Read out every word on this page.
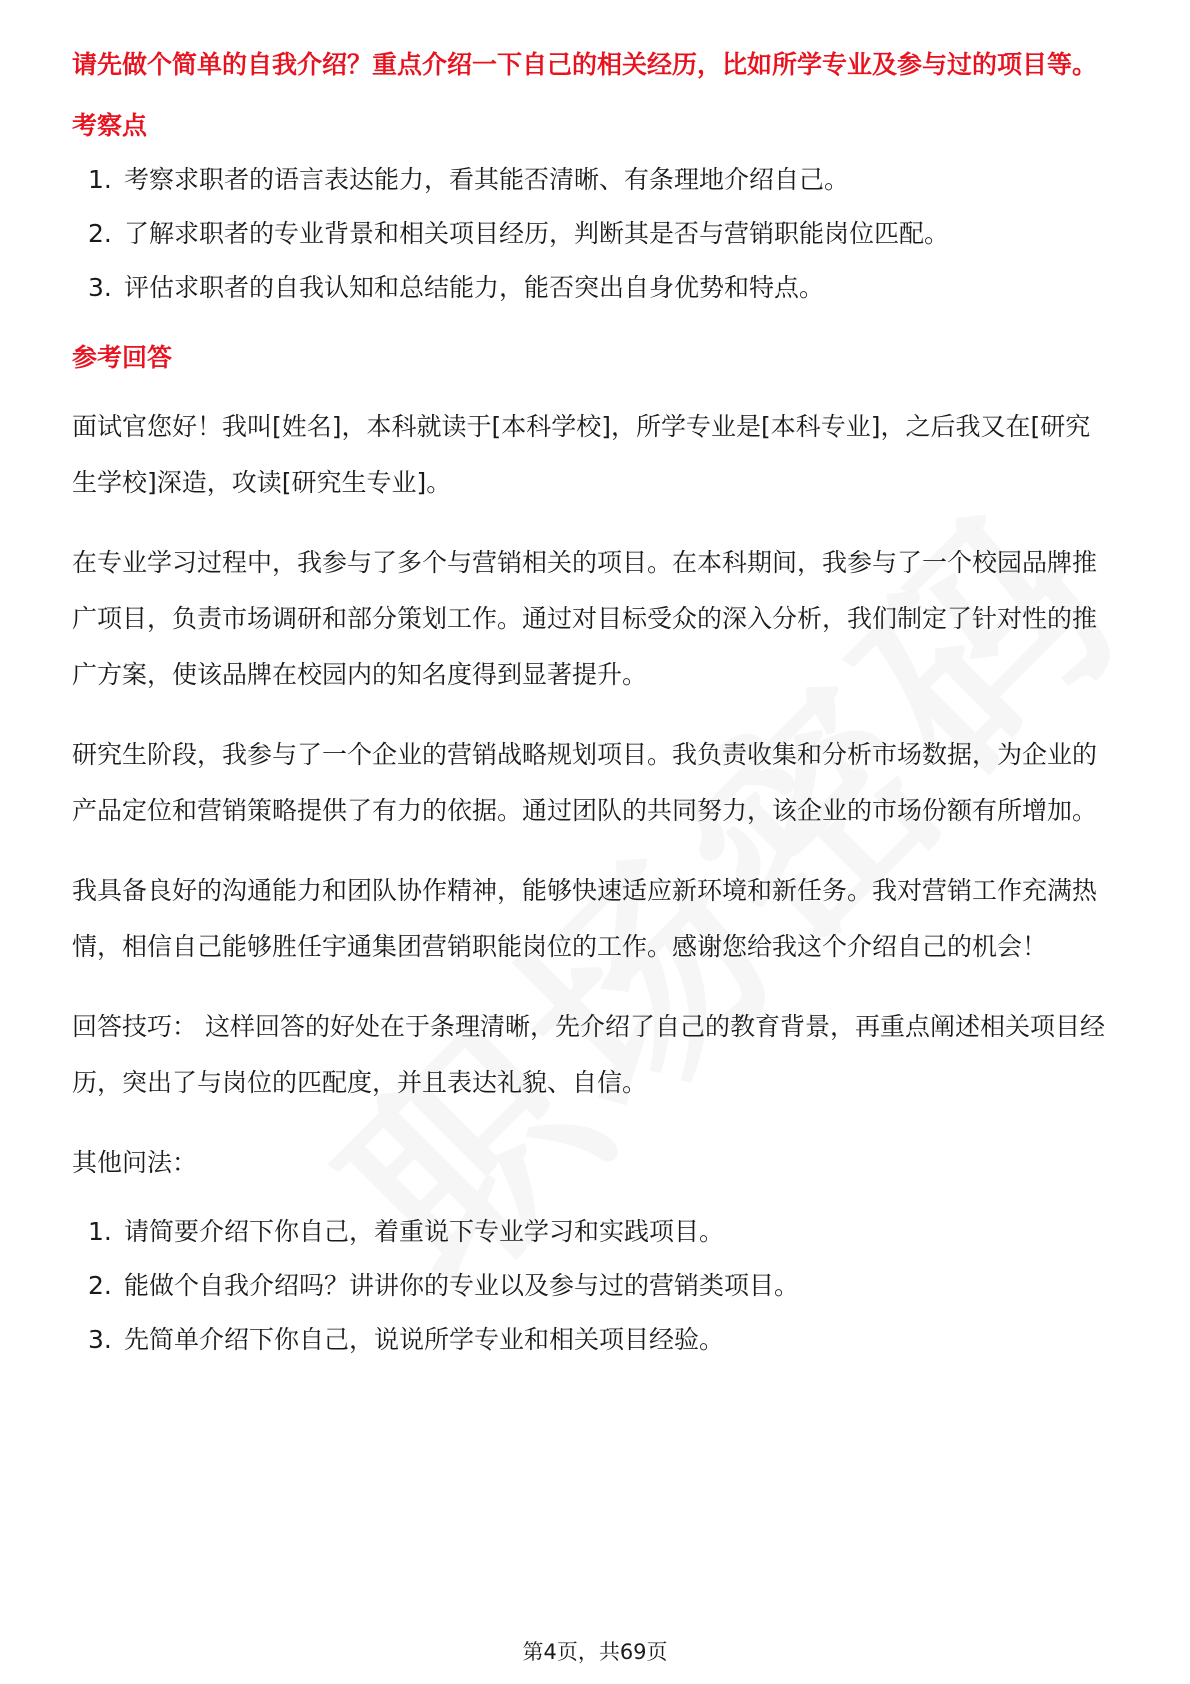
请先做个简单的自我介绍？重点介绍一下自己的相关经历，比如所学专业及参与过的项目等。

考察点

1. 考察求职者的语言表达能力，看其能否清晰、有条理地介绍自己。
2. 了解求职者的专业背景和相关项目经历，判断其是否与营销职能岗位匹配。
3. 评估求职者的自我认知和总结能力，能否突出自身优势和特点。

参考回答

面试官您好！我叫[姓名]，本科就读于[本科学校]，所学专业是[本科专业]，之后我又在[研究生学校]深造，攻读[研究生专业]。

在专业学习过程中，我参与了多个与营销相关的项目。在本科期间，我参与了一个校园品牌推广项目，负责市场调研和部分策划工作。通过对目标受众的深入分析，我们制定了针对性的推广方案，使该品牌在校园内的知名度得到显著提升。

研究生阶段，我参与了一个企业的营销战略规划项目。我负责收集和分析市场数据，为企业的产品定位和营销策略提供了有力的依据。通过团队的共同努力，该企业的市场份额有所增加。

我具备良好的沟通能力和团队协作精神，能够快速适应新环境和新任务。我对营销工作充满热情，相信自己能够胜任宇通集团营销职能岗位的工作。感谢您给我这个介绍自己的机会！

回答技巧： 这样回答的好处在于条理清晰，先介绍了自己的教育背景，再重点阐述相关项目经历，突出了与岗位的匹配度，并且表达礼貌、自信。

其他问法：

1. 请简要介绍下你自己，着重说下专业学习和实践项目。
2. 能做个自我介绍吗？讲讲你的专业以及参与过的营销类项目。
3. 先简单介绍下你自己，说说所学专业和相关项目经验。
第4页，共69页
